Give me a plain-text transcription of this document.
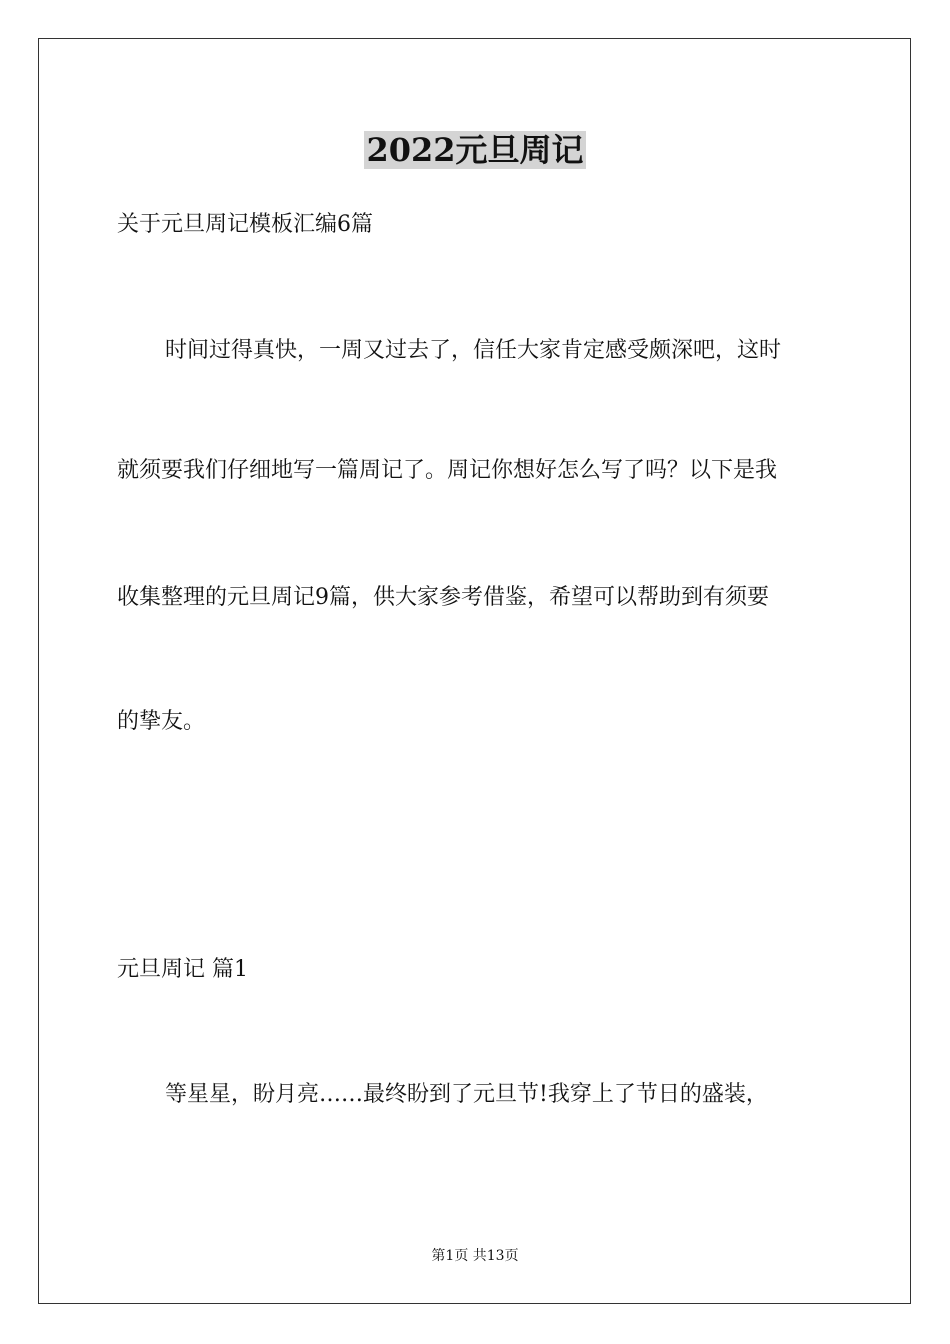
2022元旦周记
关于元旦周记模板汇编6篇
时间过得真快，一周又过去了，信任大家肯定感受颇深吧，这时
就须要我们仔细地写一篇周记了。周记你想好怎么写了吗？以下是我
收集整理的元旦周记9篇，供大家参考借鉴，希望可以帮助到有须要
的挚友。
元旦周记 篇1
等星星，盼月亮……最终盼到了元旦节!我穿上了节日的盛装，
第1页 共13页
